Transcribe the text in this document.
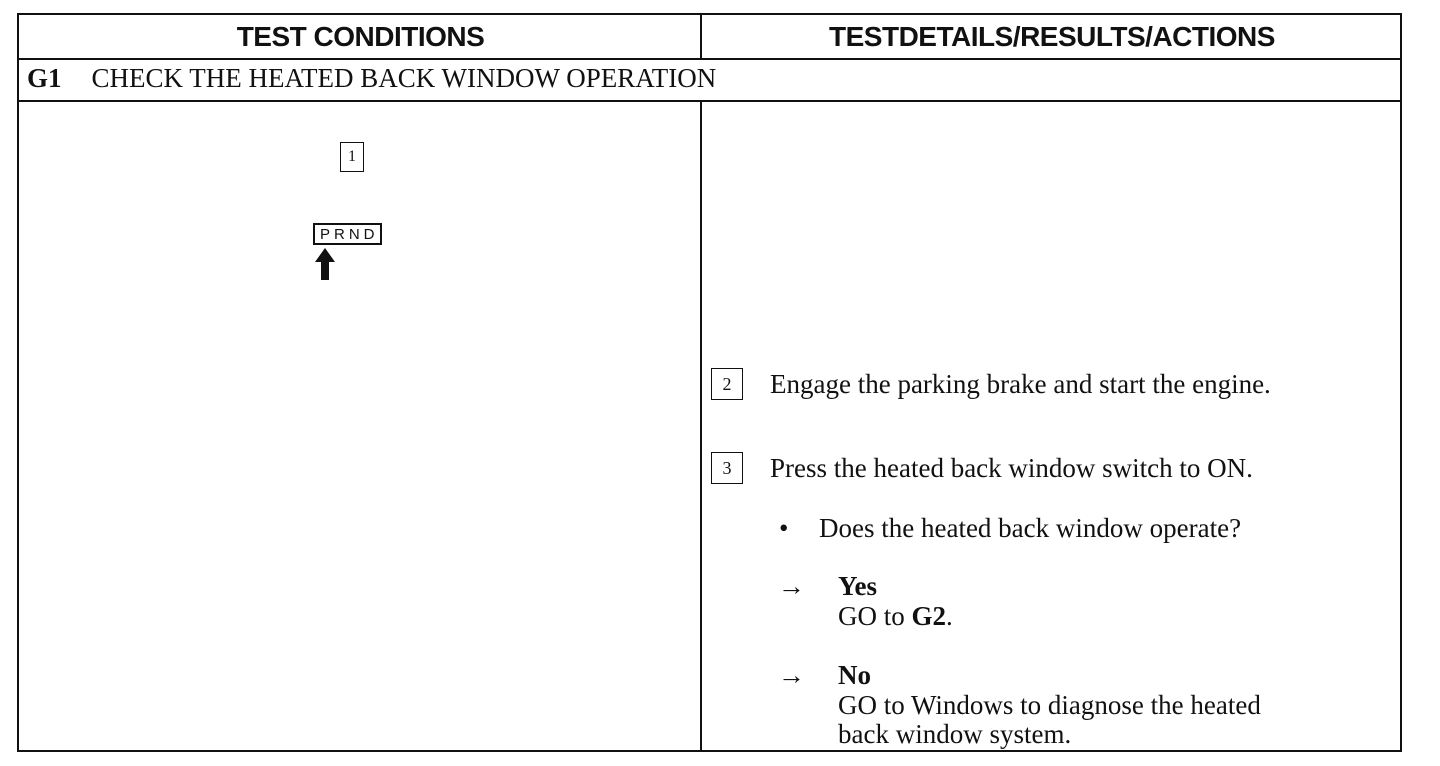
TEST CONDITIONS	TESTDETAILS/RESULTS/ACTIONS
G1 CHECK THE HEATED BACK WINDOW OPERATION
1
PRND
2	Engage the parking brake and start the engine.
3	Press the heated back window switch to ON.
• Does the heated back window operate?
→ Yes
GO to G2.
→ No
GO to Windows to diagnose the heated
back window system.
